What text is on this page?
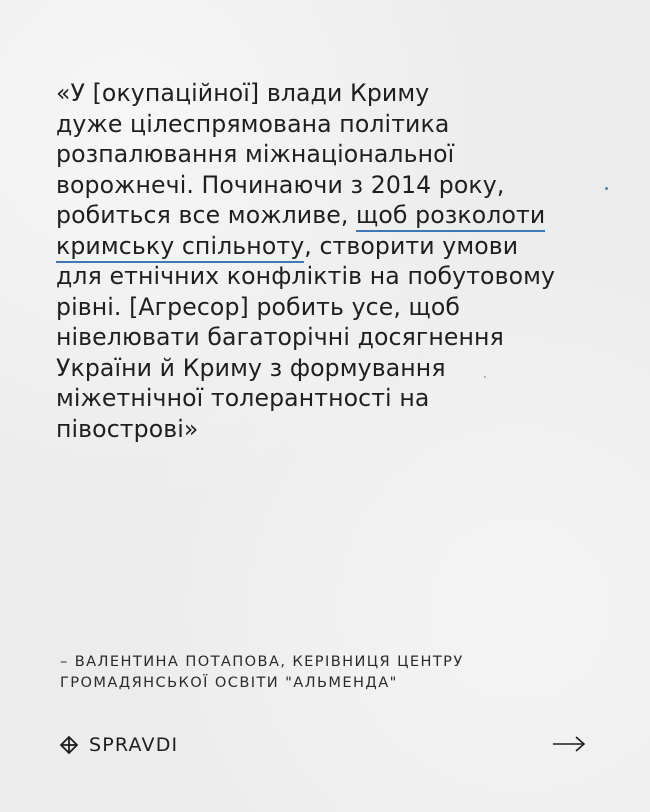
«У [окупаційної] влади Криму

дуже цілеспрямована політика

розпалювання міжнаціональної

ворожнечі. Починаючи з 2014 року,

робиться все можливе, щоб розколоти

кримську спільноту, створити умови

для етнічних конфліктів на побутовому

рівні. [Агресор] робить усе, щоб

нівелювати багаторічні досягнення

України й Криму з формування

міжетнічної толерантності на

півострові»

– ВАЛЕНТИНА ПОТАПОВА, КЕРІВНИЦЯ ЦЕНТРУ
ГРОМАДЯНСЬКОЇ ОСВІТИ "АЛЬМЕНДА"
SPRAVDI
